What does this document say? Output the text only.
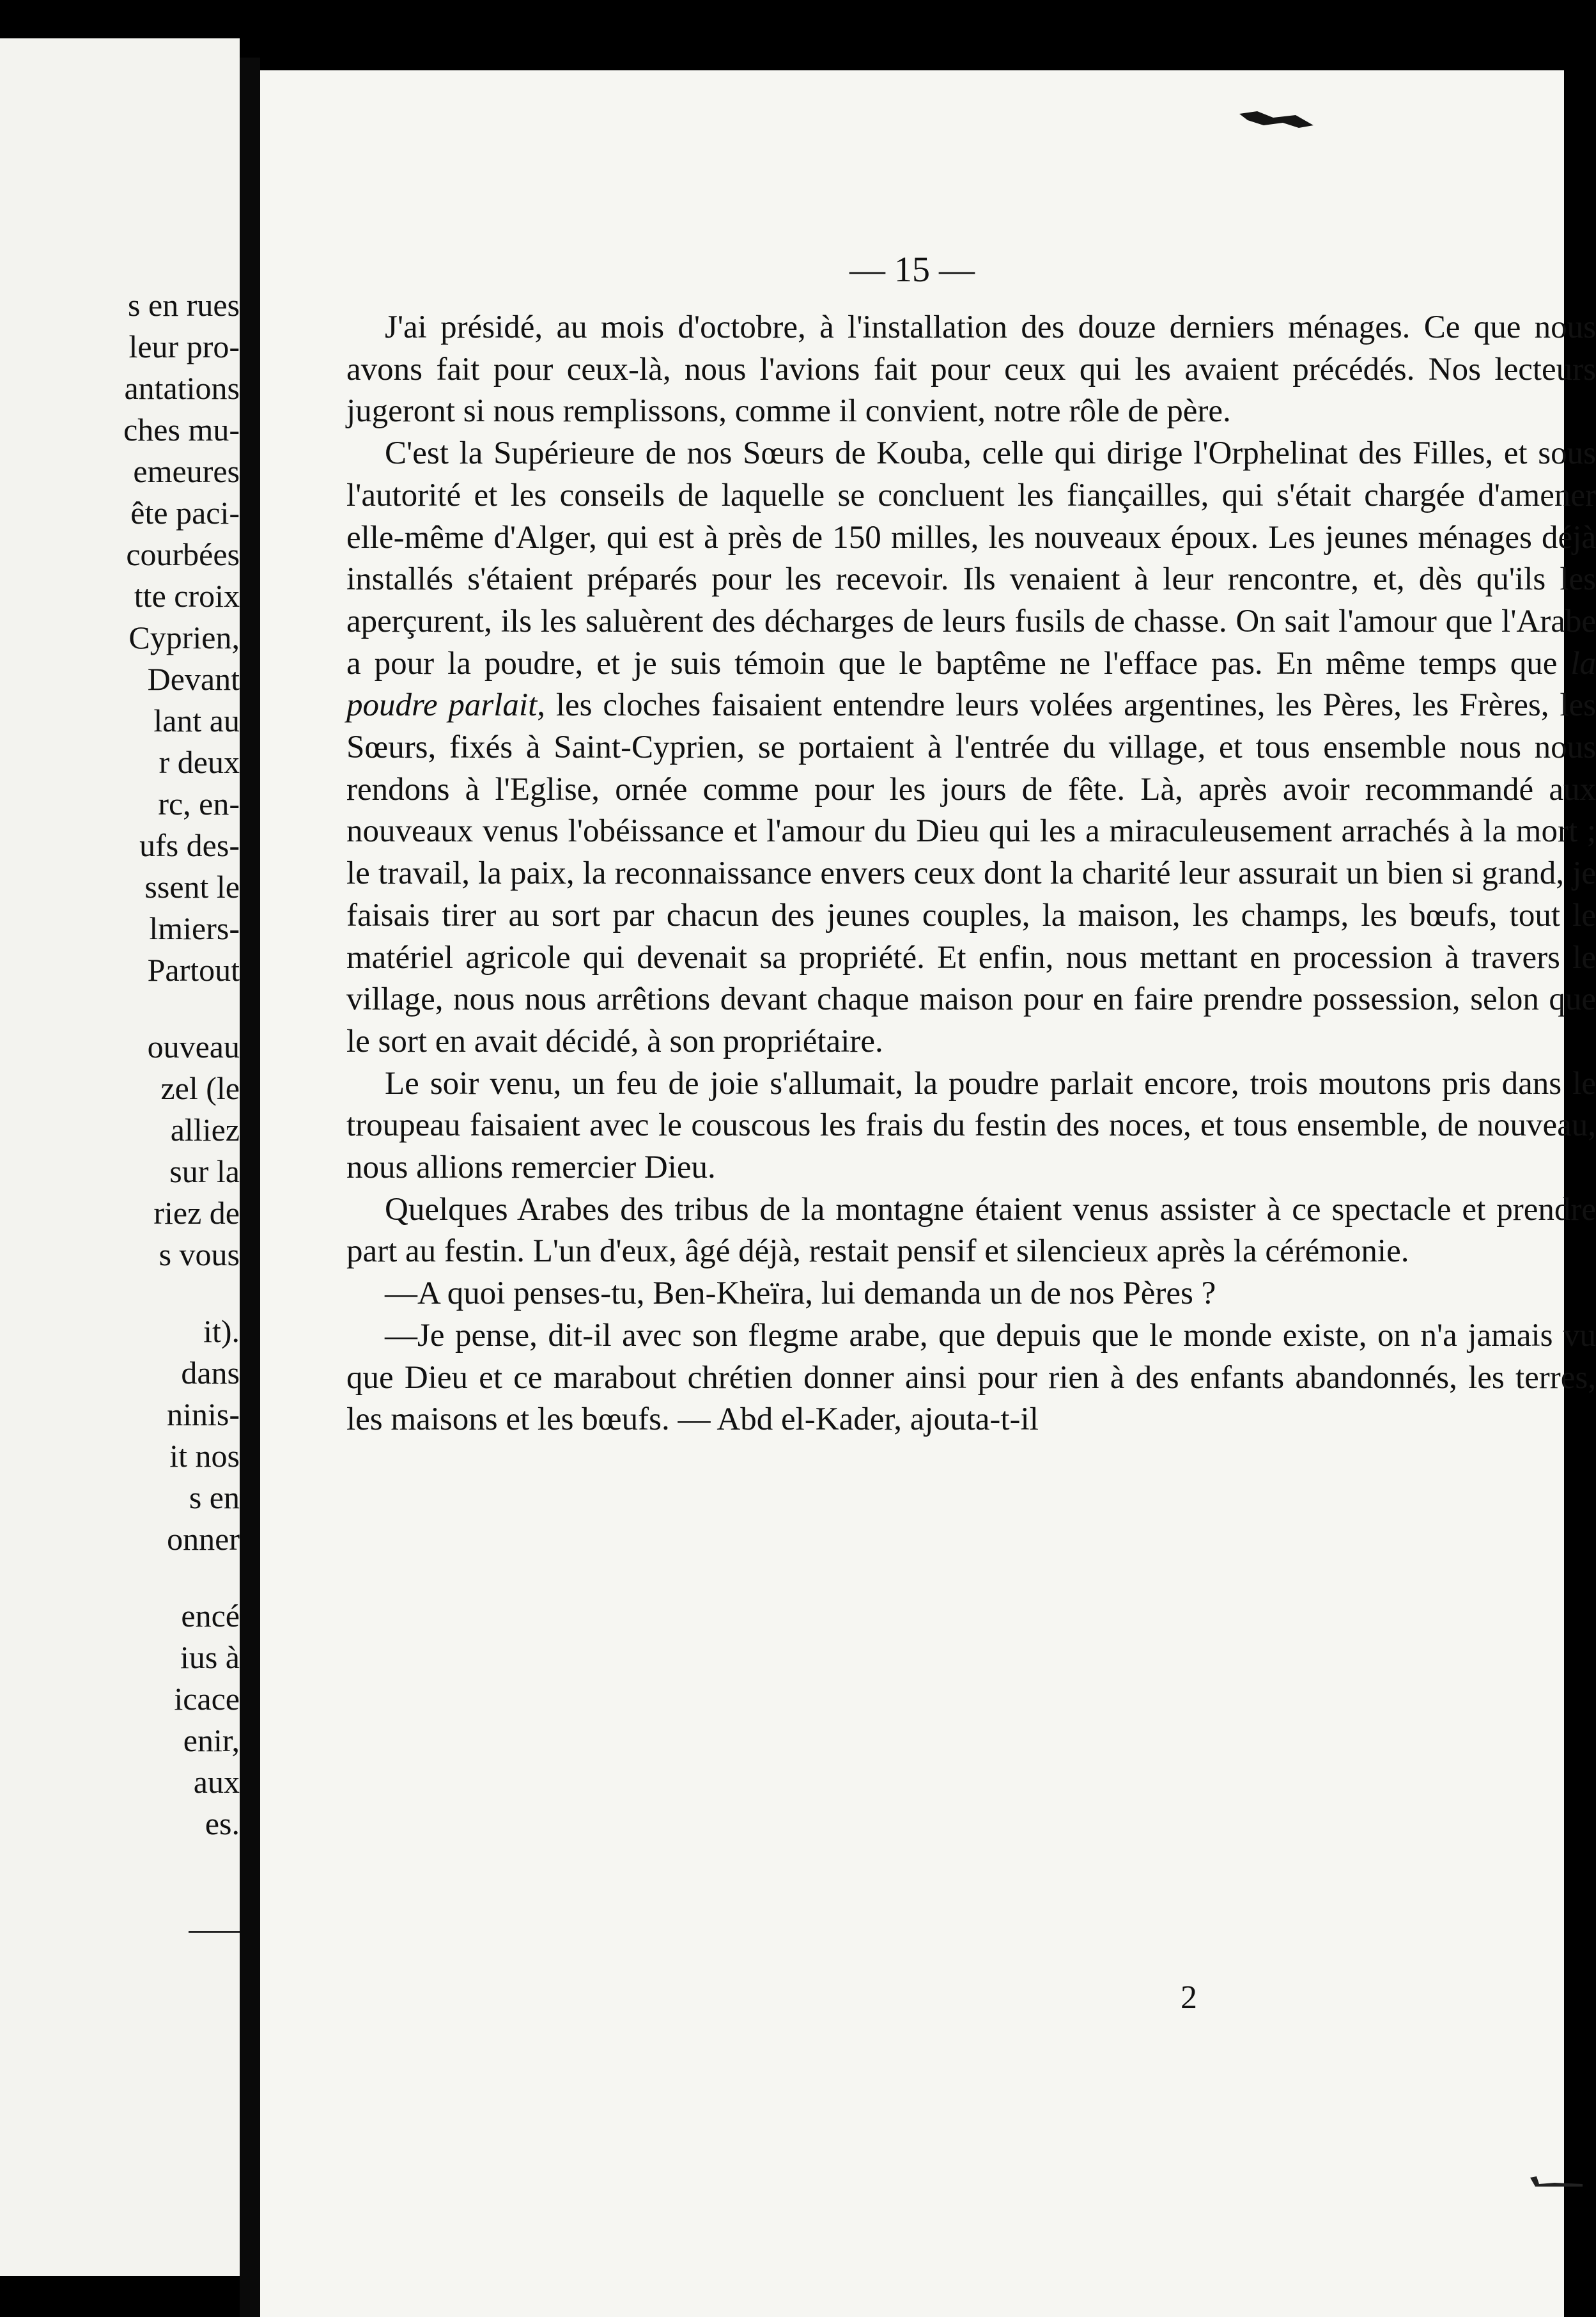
s en rues
leur pro-
antations
ches mu-
emeures
ête paci-
courbées
tte croix
Cyprien,
Devant
lant au
r deux
rc, en-
ufs des-
ssent le
lmiers-
Partout
ouveau
zel (le
alliez
sur la
riez de
s vous
it).
dans
ninis-
it nos
s en
onner
encé
ius à
icace
enir,
aux
es.
— 15 —

J'ai présidé, au mois d'octobre, à l'installation des douze derniers ménages. Ce que nous avons fait pour ceux-là, nous l'avions fait pour ceux qui les avaient précédés. Nos lecteurs jugeront si nous remplissons, comme il convient, notre rôle de père.

C'est la Supérieure de nos Sœurs de Kouba, celle qui dirige l'Orphelinat des Filles, et sous l'autorité et les conseils de laquelle se concluent les fiançailles, qui s'était chargée d'amener elle-même d'Alger, qui est à près de 150 milles, les nouveaux époux. Les jeunes ménages déjà installés s'étaient préparés pour les recevoir. Ils venaient à leur rencontre, et, dès qu'ils les aperçurent, ils les saluèrent des décharges de leurs fusils de chasse. On sait l'amour que l'Arabe a pour la poudre, et je suis témoin que le baptême ne l'efface pas. En même temps que la poudre parlait, les cloches faisaient entendre leurs volées argentines, les Pères, les Frères, les Sœurs, fixés à Saint-Cyprien, se portaient à l'entrée du village, et tous ensemble nous nous rendons à l'Eglise, ornée comme pour les jours de fête. Là, après avoir recommandé aux nouveaux venus l'obéissance et l'amour du Dieu qui les a miraculeusement arrachés à la mort ; le travail, la paix, la reconnaissance envers ceux dont la charité leur assurait un bien si grand, je faisais tirer au sort par chacun des jeunes couples, la maison, les champs, les bœufs, tout le matériel agricole qui devenait sa propriété. Et enfin, nous mettant en procession à travers le village, nous nous arrêtions devant chaque maison pour en faire prendre possession, selon que le sort en avait décidé, à son propriétaire.

Le soir venu, un feu de joie s'allumait, la poudre parlait encore, trois moutons pris dans le troupeau faisaient avec le couscous les frais du festin des noces, et tous ensemble, de nouveau, nous allions remercier Dieu.

Quelques Arabes des tribus de la montagne étaient venus assister à ce spectacle et prendre part au festin. L'un d'eux, âgé déjà, restait pensif et silencieux après la cérémonie.

—A quoi penses-tu, Ben-Kheïra, lui demanda un de nos Pères ?

—Je pense, dit-il avec son flegme arabe, que depuis que le monde existe, on n'a jamais vu que Dieu et ce marabout chrétien donner ainsi pour rien à des enfants abandonnés, les terres, les maisons et les bœufs. — Abd el-Kader, ajouta-t-il

2
